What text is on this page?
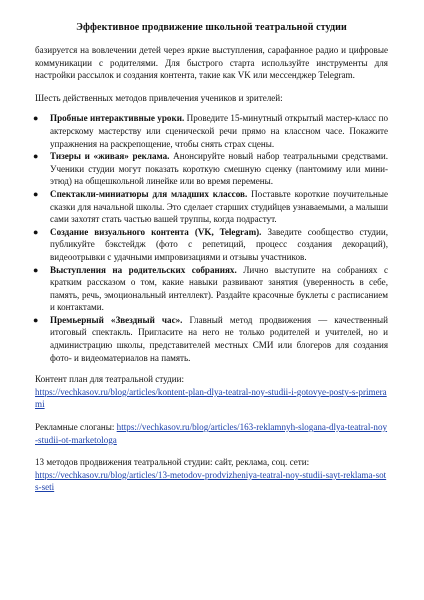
Эффективное продвижение школьной театральной студии

базируется на вовлечении детей через яркие выступления, сарафанное радио и цифровые коммуникации с родителями. Для быстрого старта используйте инструменты для настройки рассылок и создания контента, такие как VK или мессенджер Telegram.

Шесть действенных методов привлечения учеников и зрителей:

● Пробные интерактивные уроки. Проведите 15-минутный открытый мастер-класс по актерскому мастерству или сценической речи прямо на классном часе. Покажите упражнения на раскрепощение, чтобы снять страх сцены.
● Тизеры и «живая» реклама. Анонсируйте новый набор театральными средствами. Ученики студии могут показать короткую смешную сценку (пантомиму или мини-этюд) на общешкольной линейке или во время перемены.
● Спектакли-миниатюры для младших классов. Поставьте короткие поучительные сказки для начальной школы. Это сделает старших студийцев узнаваемыми, а малыши сами захотят стать частью вашей труппы, когда подрастут.
● Создание визуального контента (VK, Telegram). Заведите сообщество студии, публикуйте бэкстейдж (фото с репетиций, процесс создания декораций), видеоотрывки с удачными импровизациями и отзывы участников.
● Выступления на родительских собраниях. Лично выступите на собраниях с кратким рассказом о том, какие навыки развивают занятия (уверенность в себе, память, речь, эмоциональный интеллект). Раздайте красочные буклеты с расписанием и контактами.
● Премьерный «Звездный час». Главный метод продвижения — качественный итоговый спектакль. Пригласите на него не только родителей и учителей, но и администрацию школы, представителей местных СМИ или блогеров для создания фото- и видеоматериалов на память.
Контент план для театральной студии:
https://vechkasov.ru/blog/articles/kontent-plan-dlya-teatral-noy-studii-i-gotovye-posty-s-primerami
Рекламные слоганы: https://vechkasov.ru/blog/articles/163-reklamnyh-slogana-dlya-teatral-noy-studii-ot-marketologa
13 методов продвижения театральной студии: сайт, реклама, соц. сети:
https://vechkasov.ru/blog/articles/13-metodov-prodvizheniya-teatral-noy-studii-sayt-reklama-sots-seti
